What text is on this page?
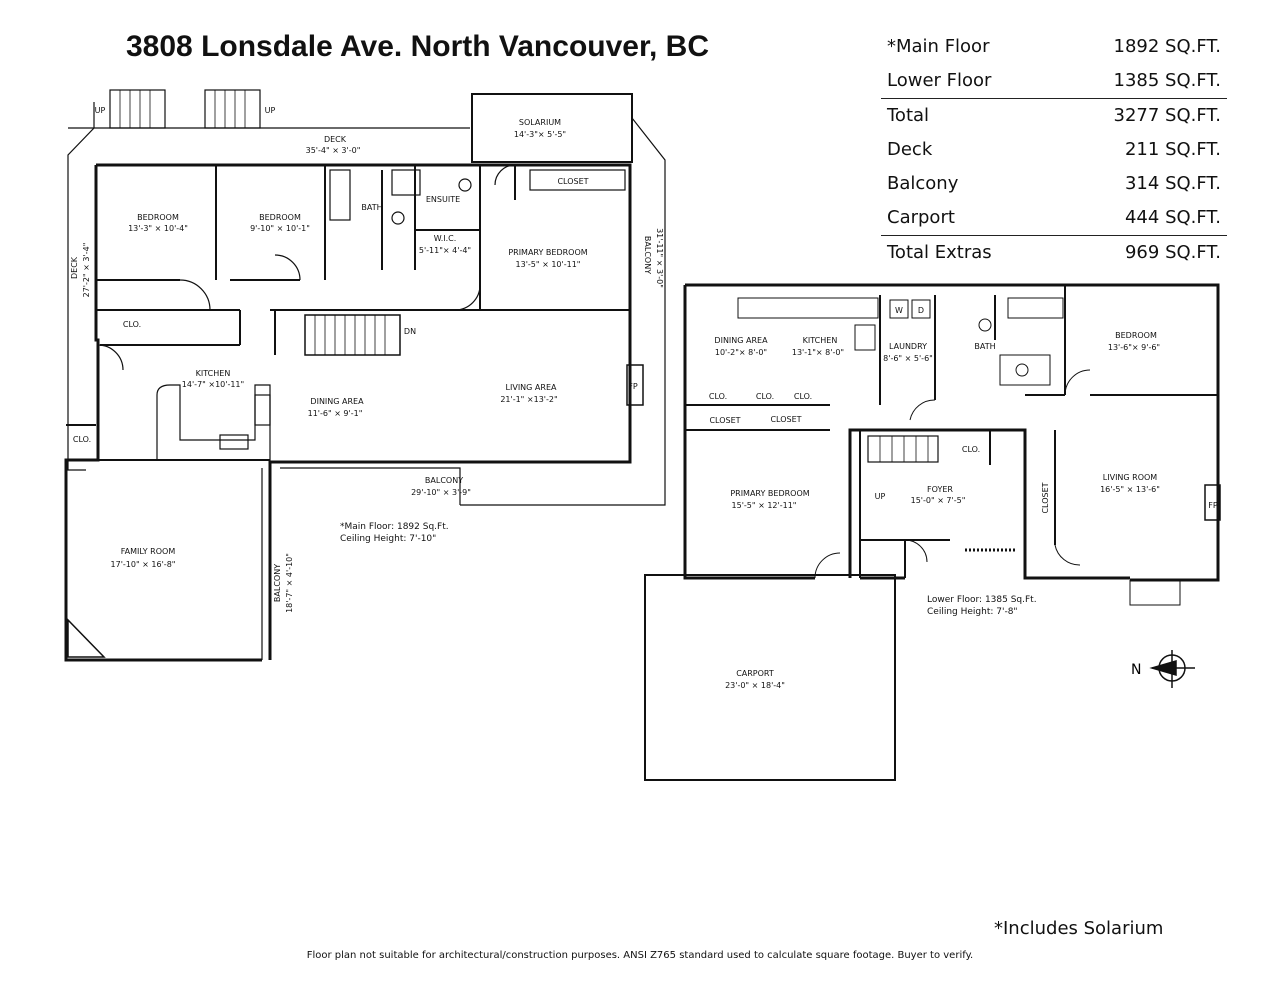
3808 Lonsdale Ave. North Vancouver, BC	*Main Floor	1892 SQ.FT.
Lower Floor	1385 SQ.FT.
Total	3277 SQ.FT.
Deck	211 SQ.FT.
Balcony	314 SQ.FT.
Carport	444 SQ.FT.
Total Extras	969 SQ.FT.
UP	UP
DECK
35'-4" × 3'-0"
SOLARIUM
14'-3"× 5'-5"
BEDROOM
13'-3" × 10'-4"
BEDROOM
9'-10" × 10'-1"
BATH
ENSUITE
W.I.C.
5'-11"× 4'-4"	PRIMARY BEDROOM
13'-5" × 10'-11"
CLOSET
CLO.
CLO.
DN
KITCHEN
14'-7" ×10'-11"
DINING AREA
11'-6" × 9'-1"
LIVING AREA
21'-1" ×13'-2"
FP
BALCONY
29'-10" × 3'-9"
FAMILY ROOM
17'-10" × 16'-8"
DECK 27'-2" × 3'-4"	BALCONY 31'-11" × 3'-0"
BALCONY 18'-7" × 4'-10"
DINING AREA
10'-2"× 8'-0"
KITCHEN
13'-1"× 8'-0"
LAUNDRY
8'-6" × 5'-6"
W D
BATH
BEDROOM
13'-6"× 9'-6"
CLO.	CLO. CLO.
CLOSET	CLOSET
CLO.
PRIMARY BEDROOM
15'-5" × 12'-11"
UP
FOYER
15'-0" × 7'-5"
LIVING ROOM
16'-5" × 13'-6"
FP
CLOSET
CARPORT
23'-0" × 18'-4"
N
*Main Floor: 1892 Sq.Ft.
Ceiling Height: 7'-10"
Lower Floor: 1385 Sq.Ft.
Ceiling Height: 7'-8"
*Includes Solarium
Floor plan not suitable for architectural/construction purposes. ANSI Z765 standard used to calculate square footage. Buyer to verify.
